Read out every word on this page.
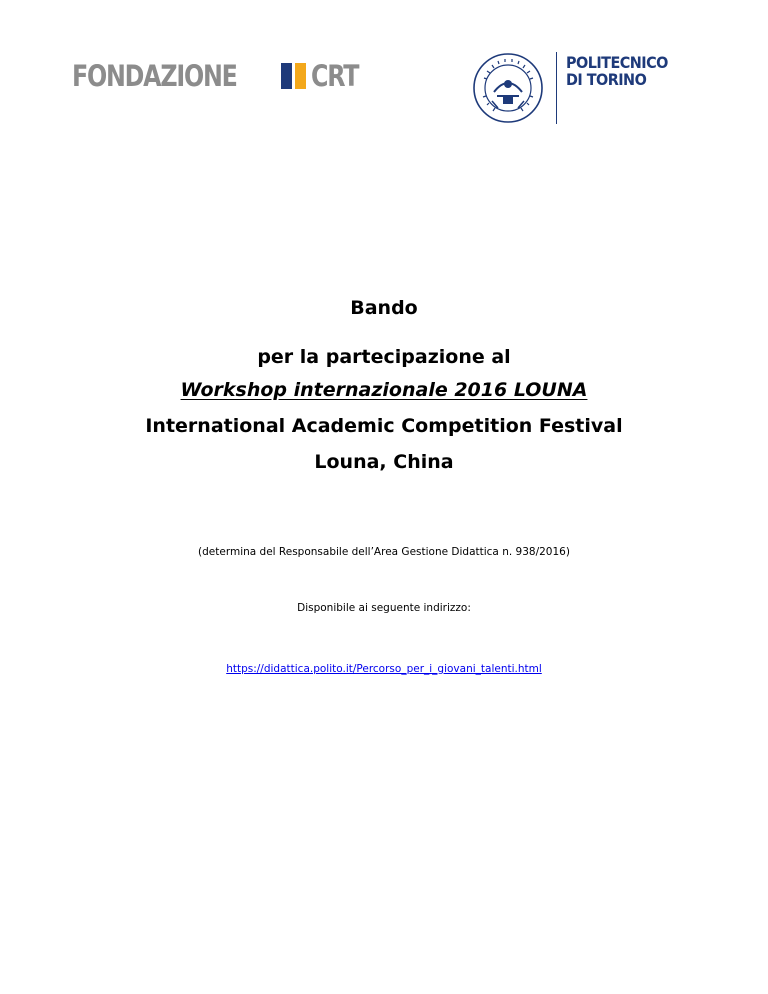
FONDAZIONE	CRT	POLITECNICO
DI TORINO
Bando
per la partecipazione al
Workshop internazionale 2016 LOUNA
International Academic Competition Festival
Louna, China
(determina del Responsabile dell’Area Gestione Didattica n. 938/2016)
Disponibile ai seguente indirizzo:
https://didattica.polito.it/Percorso_per_i_giovani_talenti.html
